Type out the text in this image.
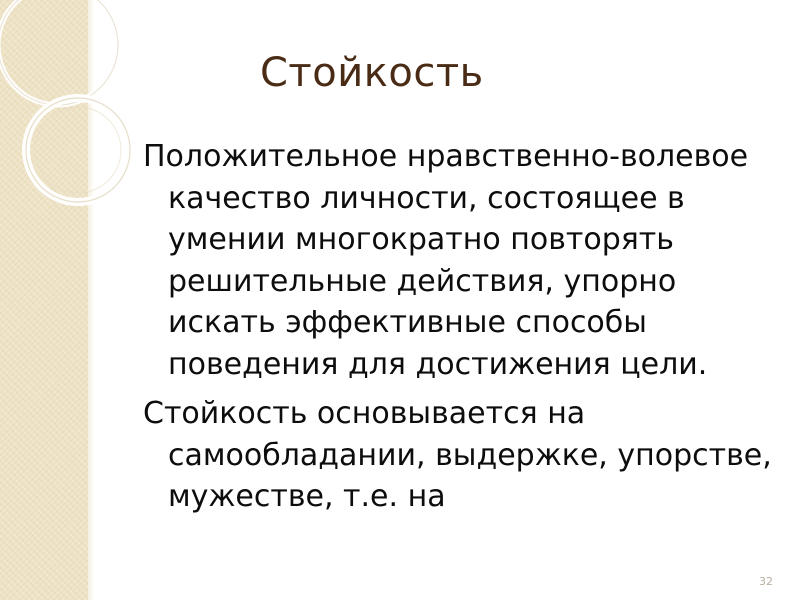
Стойкость

Положительное нравственно-волевое качество личности, состоящее в умении многократно повторять решительные действия, упорно искать эффективные способы поведения для достижения цели.

Стойкость основывается на самообладании, выдержке, упорстве, мужестве, т.е. на

32
